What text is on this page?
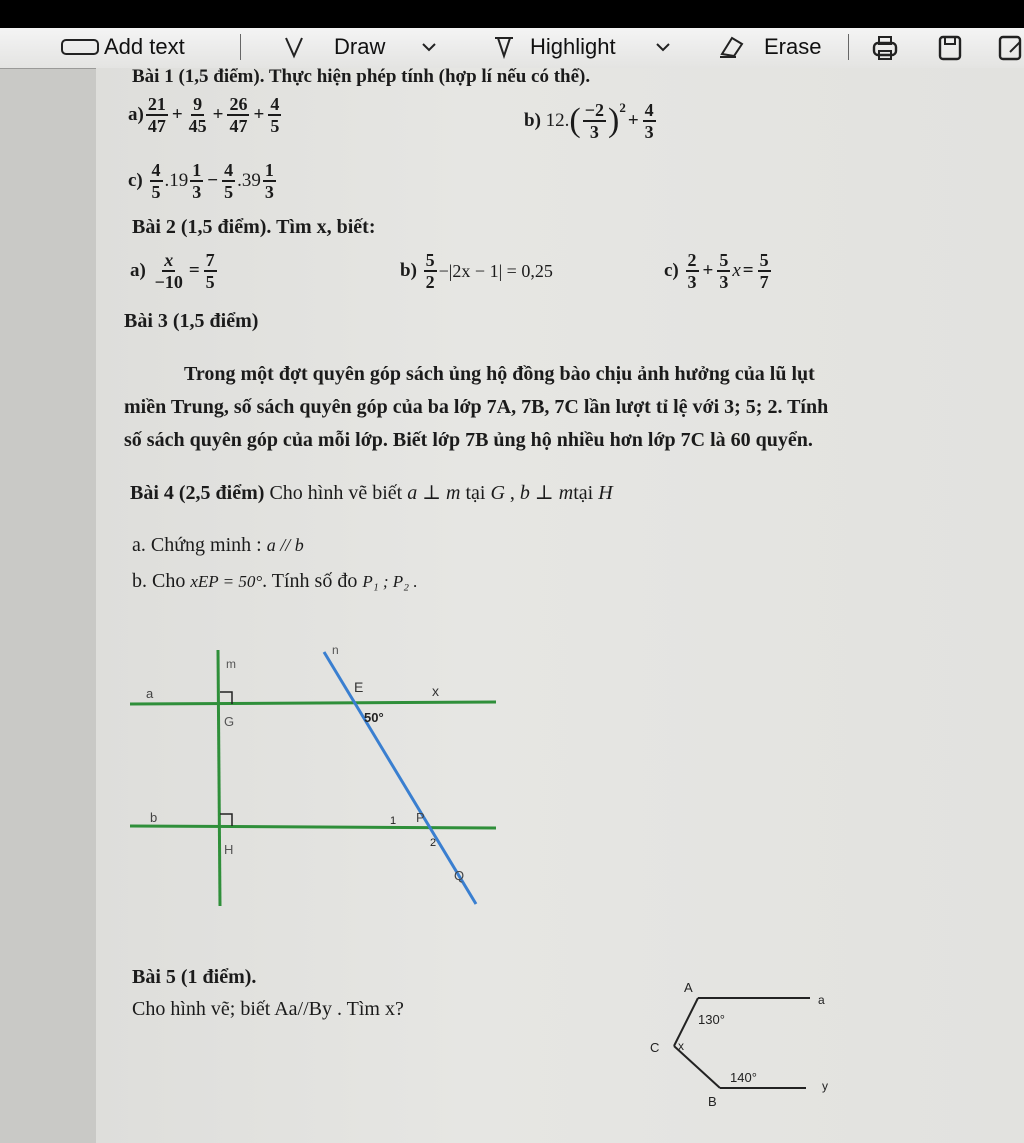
Add text	Draw	Highlight	Erase
Bài 1 (1,5 điểm). Thực hiện phép tính (hợp lí nếu có thể).
$a) \frac{21}{47} + \frac{9}{45} + \frac{26}{47} + \frac{4}{5}$	b)
12. ( $\frac{-2}{3} )^2$
+ $\frac{4}{3}$
c)
$\frac{4}{5} .19 \frac{1}{3} - \frac{4}{5} .39 \frac{1}{3}$
Bài 2 (1,5 điểm). Tìm x, biết:
a)
$\frac{x}{-10} = \frac{7}{5}$	b)
$\frac{5}{2} -|2x - 1| = 0,25$	c)
$\frac{2}{3} + \frac{5}{3}$ $x = \frac{5}{7}$
Bài 3 (1,5 điểm)
Trong một đợt quyên góp sách ủng hộ đồng bào chịu ảnh hưởng của lũ lụt
miền Trung, số sách quyên góp của ba lớp 7A, 7B, 7C lần lượt tỉ lệ với 3; 5; 2. Tính
số sách quyên góp của mỗi lớp. Biết lớp 7B ủng hộ nhiều hơn lớp 7C là 60 quyển.
Bài 4 (2,5 điểm) Cho hình vẽ biết a ⊥ m tại G , b ⊥ mtại H
a. Chứng minh : a // b
b. Cho xEP = 50°. Tính số đo P₁ ; P₂ .
m
n
a
b
E	x
G
H
50°
P
1
2
Q
Bài 5 (1 điểm).
Cho hình vẽ; biết Aa//By . Tìm x?
A
a
130°
C x
140°
B
y
